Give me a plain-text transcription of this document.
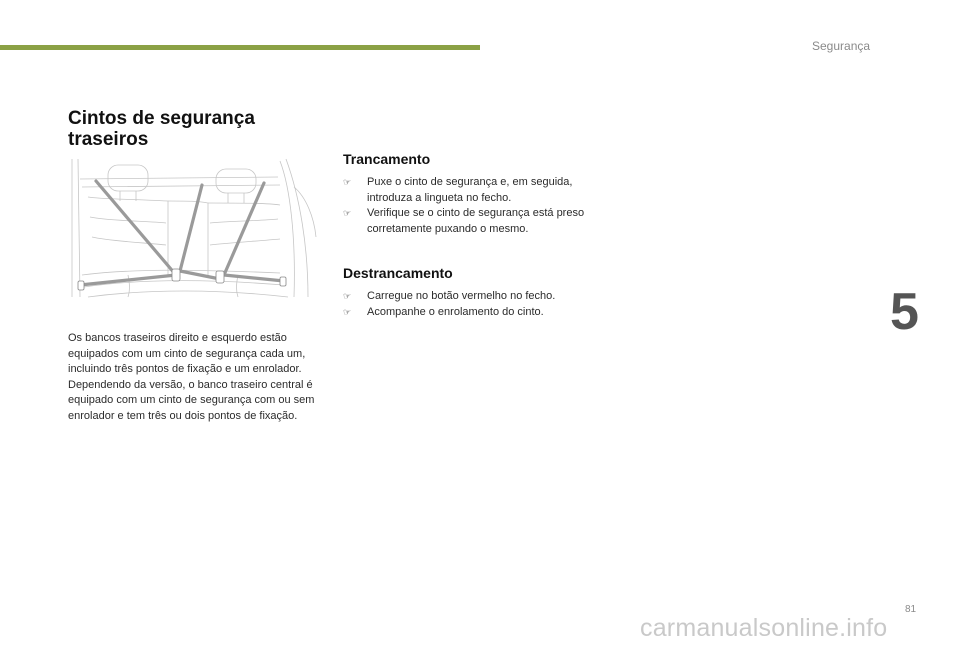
Segurança
5
Cintos de segurança
traseiros

Os bancos traseiros direito e esquerdo estão equipados com um cinto de segurança cada um, incluindo três pontos de fixação e um enrolador.

Dependendo da versão, o banco traseiro central é equipado com um cinto de segurança com ou sem enrolador e tem três ou dois pontos de fixação.

Trancamento
☞ Puxe o cinto de segurança e, em seguida, introduza a lingueta no fecho.
☞ Verifique se o cinto de segurança está preso corretamente puxando o mesmo.
Destrancamento
☞ Carregue no botão vermelho no fecho.
☞ Acompanhe o enrolamento do cinto.
81
carmanualsonline.info
